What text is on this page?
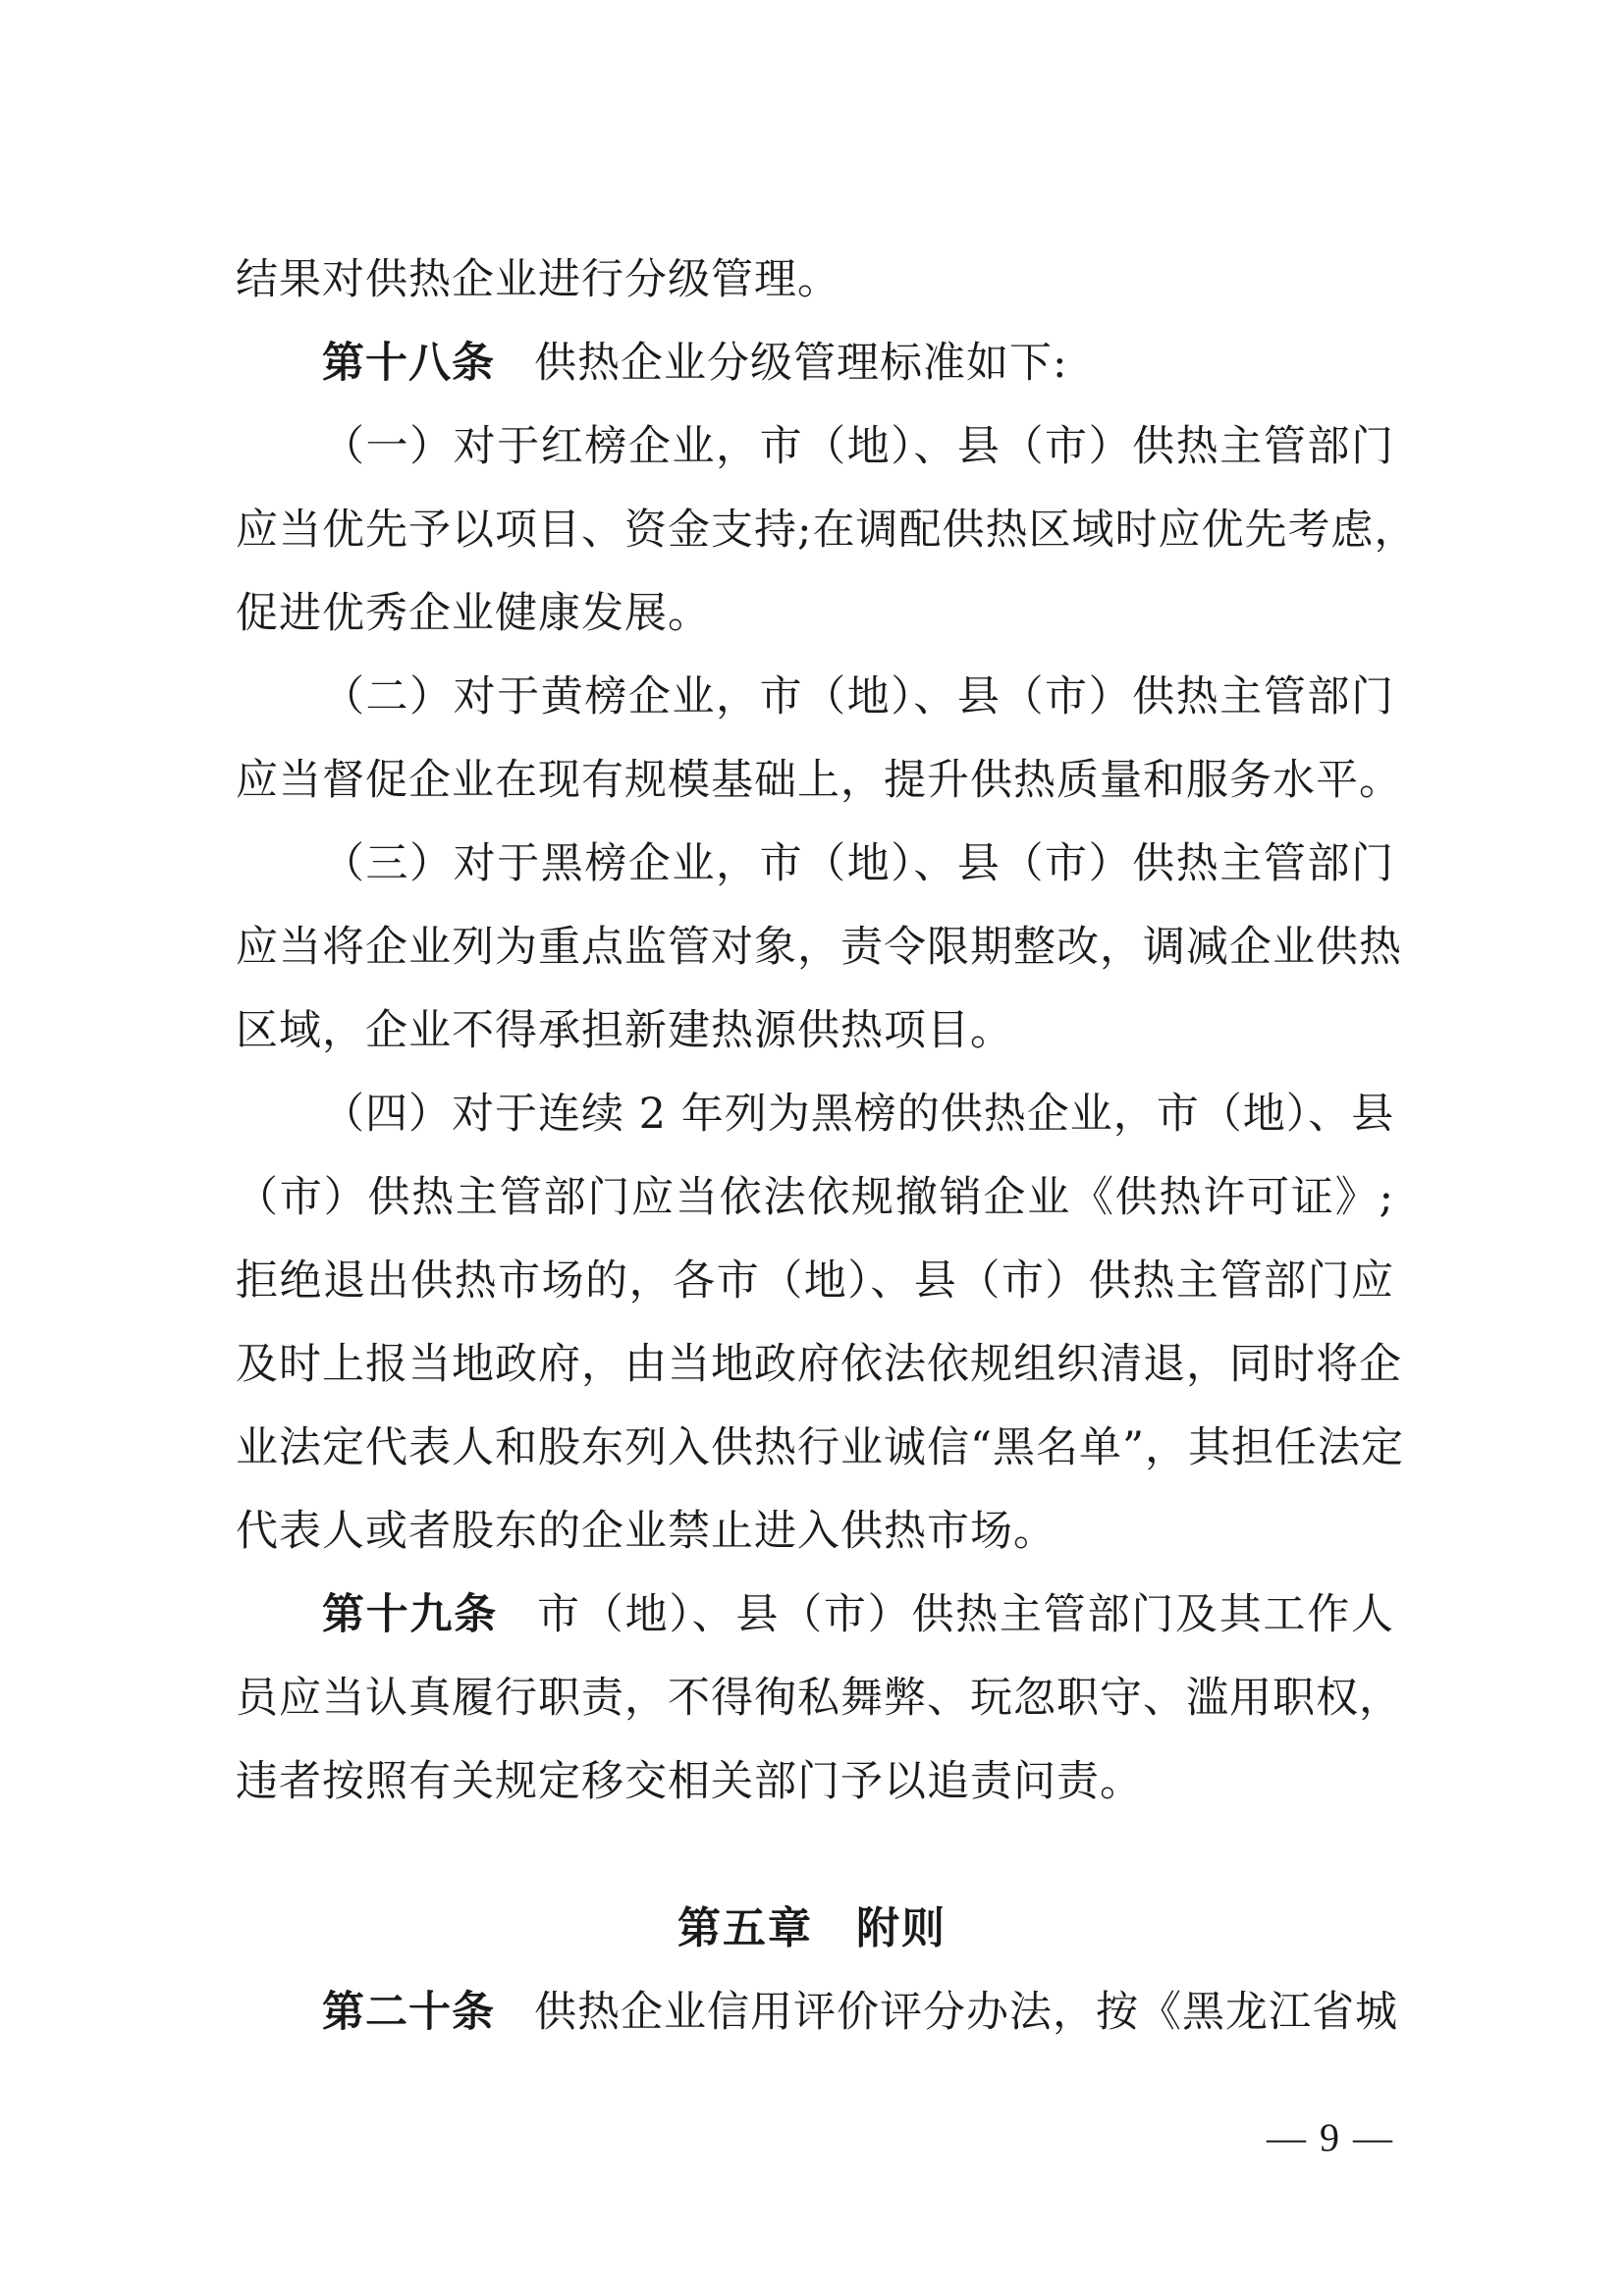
结果对供热企业进行分级管理。
第十八条 供热企业分级管理标准如下:
（一）对于红榜企业，市（地）、县（市）供热主管部门
应当优先予以项目、资金支持;在调配供热区域时应优先考虑，
促进优秀企业健康发展。
（二）对于黄榜企业，市（地）、县（市）供热主管部门
应当督促企业在现有规模基础上，提升供热质量和服务水平。
（三）对于黑榜企业，市（地）、县（市）供热主管部门
应当将企业列为重点监管对象，责令限期整改，调减企业供热
区域，企业不得承担新建热源供热项目。
（四）对于连续 2 年列为黑榜的供热企业，市（地）、县
（市）供热主管部门应当依法依规撤销企业《供热许可证》;
拒绝退出供热市场的，各市（地）、县（市）供热主管部门应
及时上报当地政府，由当地政府依法依规组织清退，同时将企
业法定代表人和股东列入供热行业诚信“黑名单”，其担任法定
代表人或者股东的企业禁止进入供热市场。
第十九条 市（地）、县（市）供热主管部门及其工作人
员应当认真履行职责，不得徇私舞弊、玩忽职守、滥用职权，
违者按照有关规定移交相关部门予以追责问责。
第五章 附则
第二十条 供热企业信用评价评分办法，按《黑龙江省城
— 9 —
